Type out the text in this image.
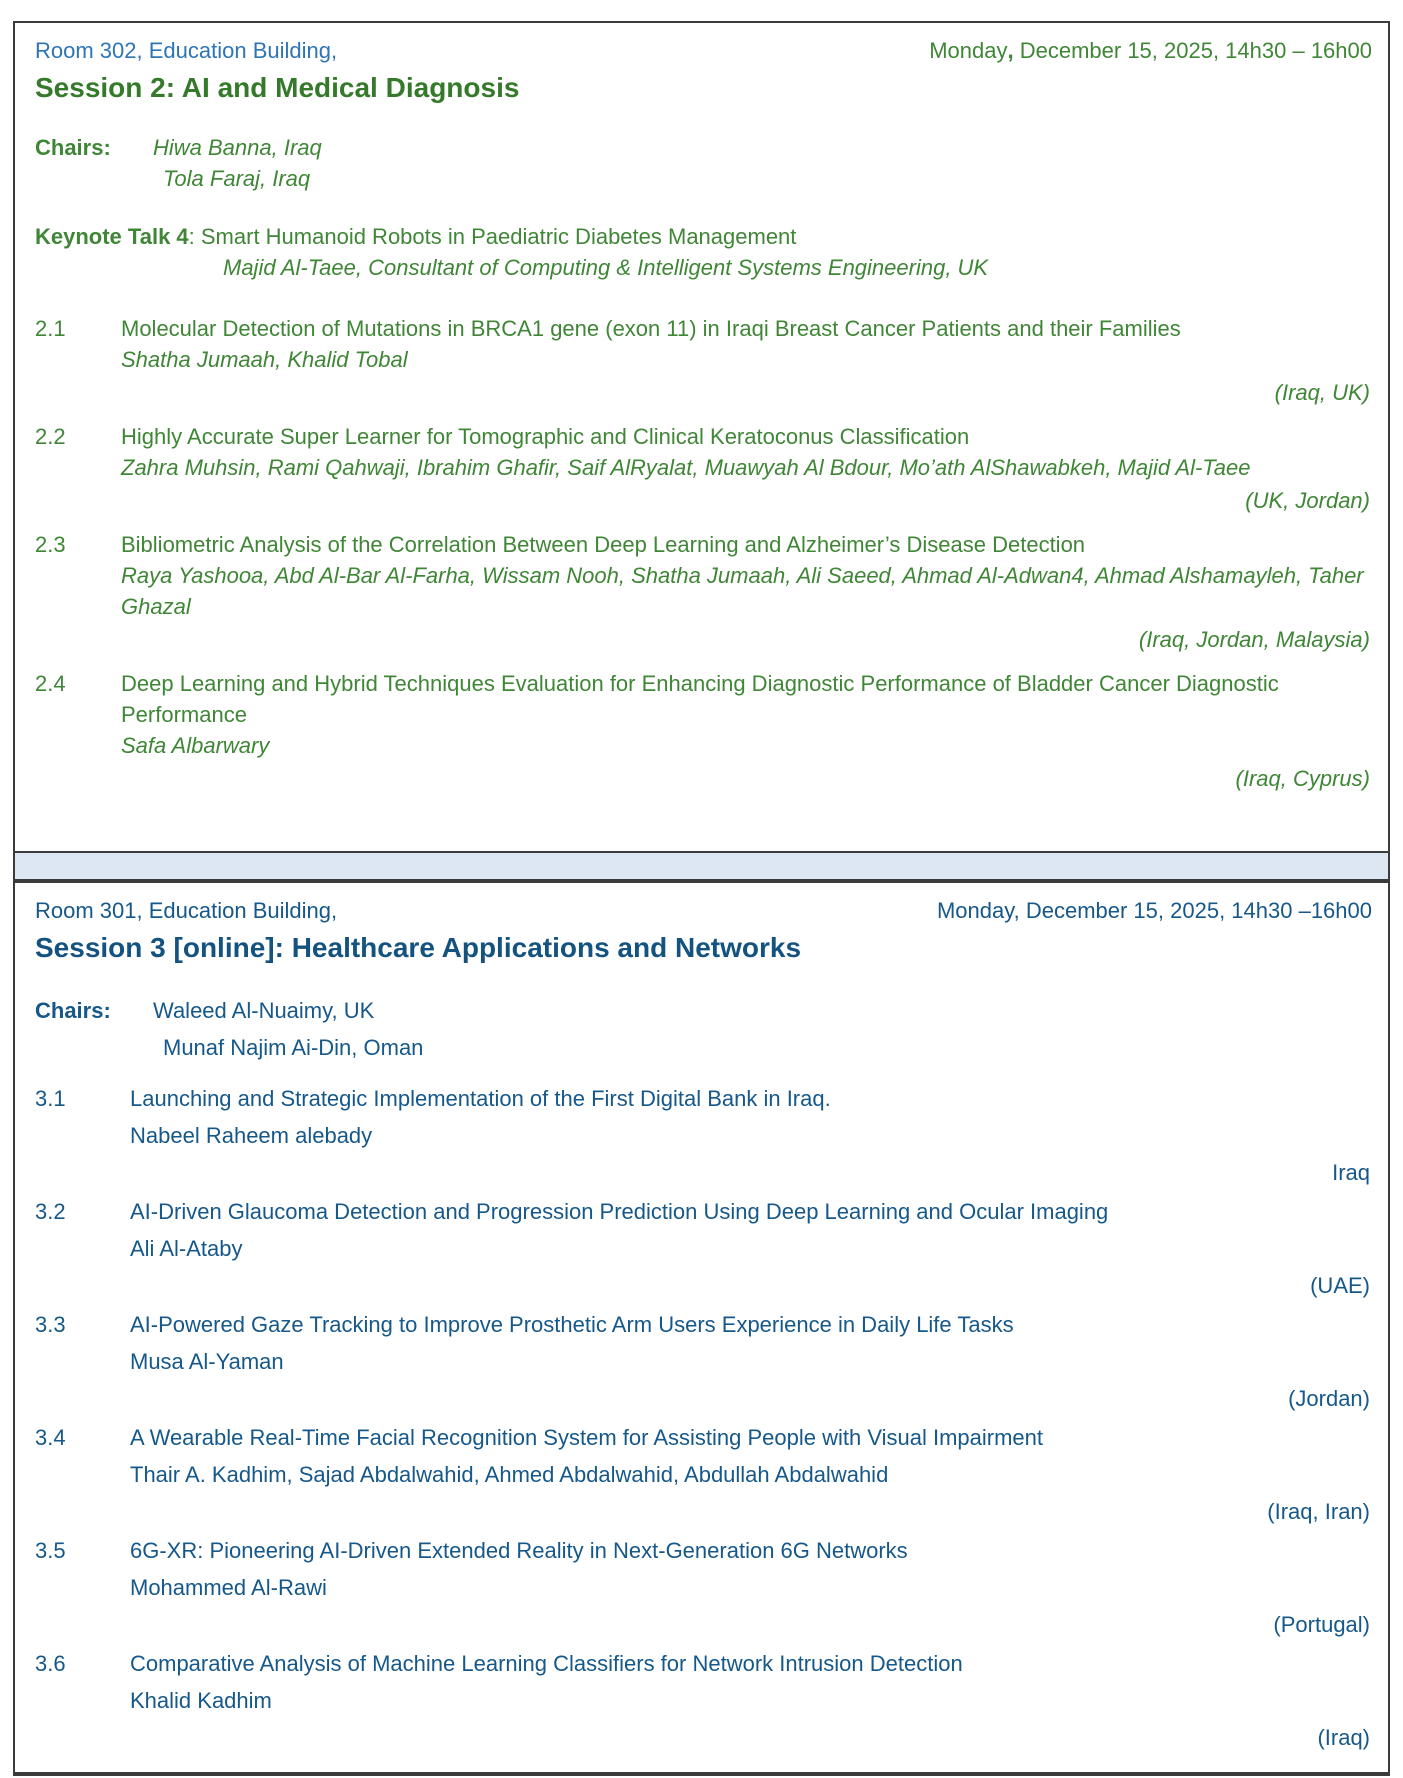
Room 302, Education Building,	Monday, December 15, 2025, 14h30 – 16h00
Session 2: AI and Medical Diagnosis
Chairs:	Hiwa Banna, Iraq
Tola Faraj, Iraq
Keynote Talk 4: Smart Humanoid Robots in Paediatric Diabetes Management
Majid Al-Taee, Consultant of Computing & Intelligent Systems Engineering, UK
2.1	Molecular Detection of Mutations in BRCA1 gene (exon 11) in Iraqi Breast Cancer Patients and their Families
Shatha Jumaah, Khalid Tobal
(Iraq, UK)
2.2	Highly Accurate Super Learner for Tomographic and Clinical Keratoconus Classification
Zahra Muhsin, Rami Qahwaji, Ibrahim Ghafir, Saif AlRyalat, Muawyah Al Bdour, Mo’ath AlShawabkeh, Majid Al-Taee
(UK, Jordan)
2.3	Bibliometric Analysis of the Correlation Between Deep Learning and Alzheimer’s Disease Detection
Raya Yashooa, Abd Al-Bar Al-Farha, Wissam Nooh, Shatha Jumaah, Ali Saeed, Ahmad Al-Adwan4, Ahmad Alshamayleh, Taher Ghazal
(Iraq, Jordan, Malaysia)
2.4	Deep Learning and Hybrid Techniques Evaluation for Enhancing Diagnostic Performance of Bladder Cancer Diagnostic Performance
Safa Albarwary
(Iraq, Cyprus)
Room 301, Education Building,	Monday, December 15, 2025, 14h30 –16h00
Session 3 [online]: Healthcare Applications and Networks
Chairs:	Waleed Al-Nuaimy, UK
Munaf Najim Ai-Din, Oman
3.1	Launching and Strategic Implementation of the First Digital Bank in Iraq.
Nabeel Raheem alebady
Iraq
3.2	AI-Driven Glaucoma Detection and Progression Prediction Using Deep Learning and Ocular Imaging
Ali Al-Ataby
(UAE)
3.3	AI-Powered Gaze Tracking to Improve Prosthetic Arm Users Experience in Daily Life Tasks
Musa Al-Yaman
(Jordan)
3.4	A Wearable Real-Time Facial Recognition System for Assisting People with Visual Impairment
Thair A. Kadhim, Sajad Abdalwahid, Ahmed Abdalwahid, Abdullah Abdalwahid
(Iraq, Iran)
3.5	6G-XR: Pioneering AI-Driven Extended Reality in Next-Generation 6G Networks
Mohammed Al-Rawi
(Portugal)
3.6	Comparative Analysis of Machine Learning Classifiers for Network Intrusion Detection
Khalid Kadhim
(Iraq)
